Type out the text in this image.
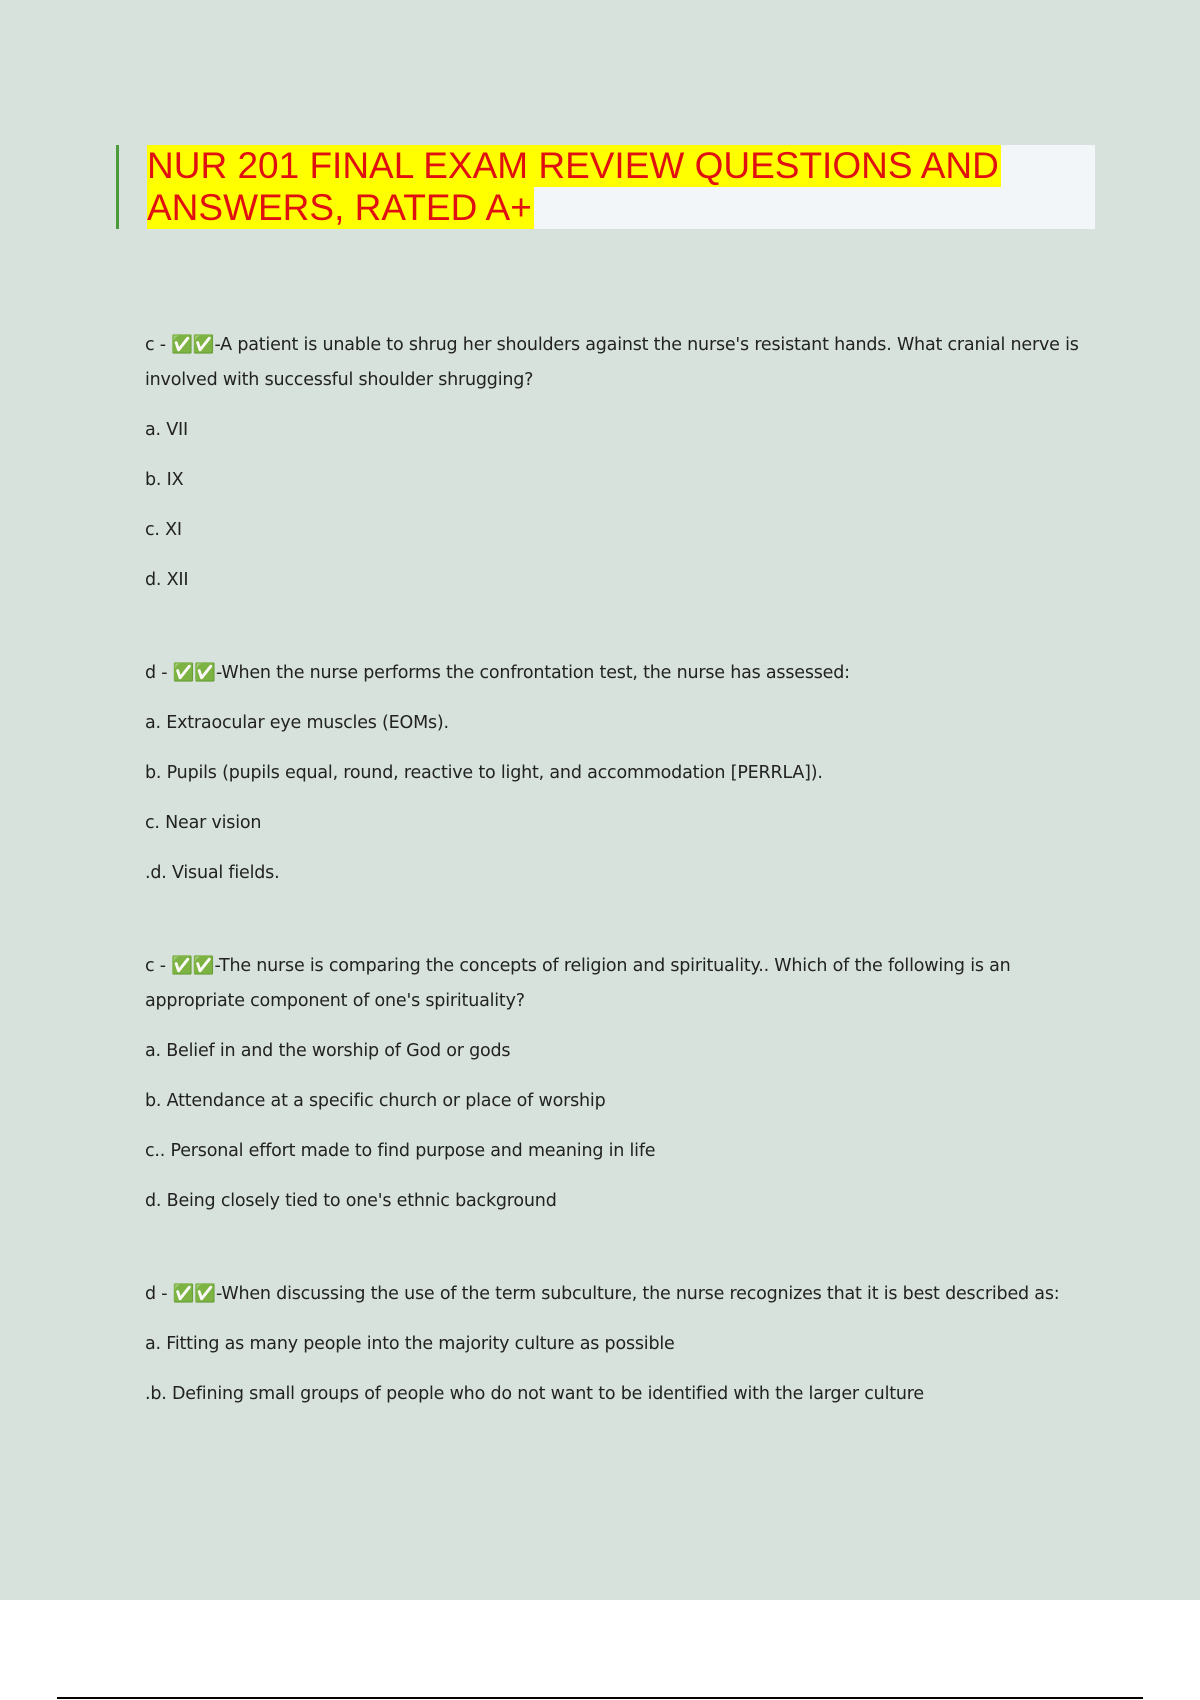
NUR 201 FINAL EXAM REVIEW QUESTIONS AND
ANSWERS, RATED A+

c - ✅✅-A patient is unable to shrug her shoulders against the nurse's resistant hands. What cranial nerve is involved with successful shoulder shrugging?

a. VII
b. IX
c. XI
d. XII

d - ✅✅-When the nurse performs the confrontation test, the nurse has assessed:

a. Extraocular eye muscles (EOMs).
b. Pupils (pupils equal, round, reactive to light, and accommodation [PERRLA]).
c. Near vision
.d. Visual fields.

c - ✅✅-The nurse is comparing the concepts of religion and spirituality.. Which of the following is an appropriate component of one's spirituality?

a. Belief in and the worship of God or gods
b. Attendance at a specific church or place of worship
c.. Personal effort made to find purpose and meaning in life
d. Being closely tied to one's ethnic background

d - ✅✅-When discussing the use of the term subculture, the nurse recognizes that it is best described as:

a. Fitting as many people into the majority culture as possible
.b. Defining small groups of people who do not want to be identified with the larger culture
